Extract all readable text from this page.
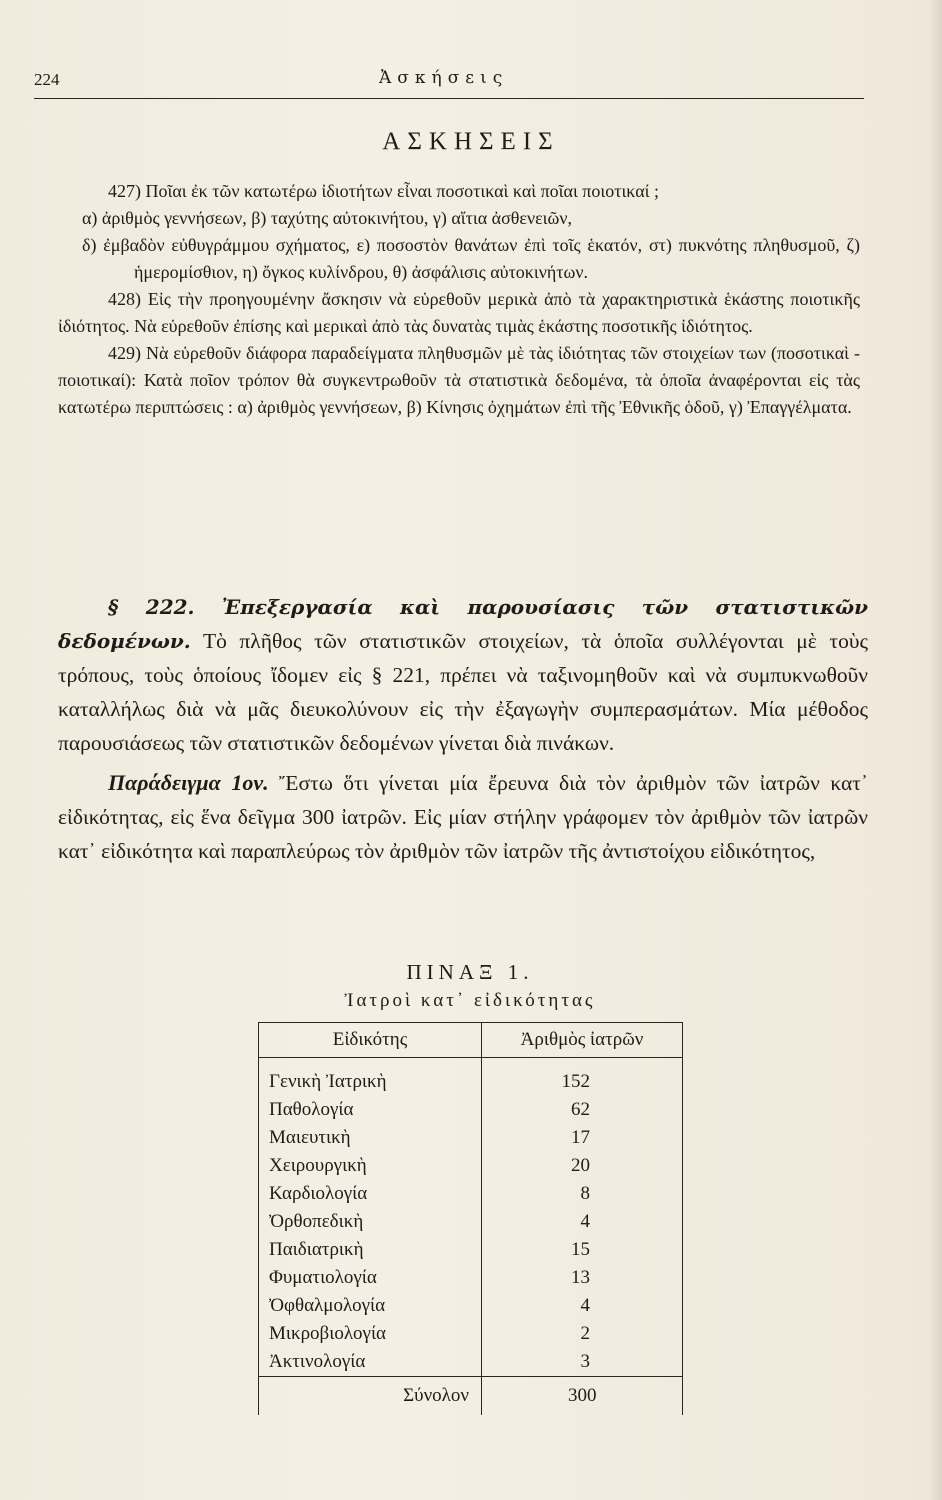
224	Ἀσκήσεις
ΑΣΚΗΣΕΙΣ

427) Ποῖαι ἐκ τῶν κατωτέρω ἰδιοτήτων εἶναι ποσοτικαὶ καὶ ποῖαι ποιοτικαί ;

α) ἀριθμὸς γεννήσεων, β) ταχύτης αὐτοκινήτου, γ) αἴτια ἀσθενειῶν,

δ) ἐμβαδὸν εὐθυγράμμου σχήματος, ε) ποσοστὸν θανάτων ἐπὶ τοῖς ἑκατόν, στ) πυκνότης πληθυσμοῦ, ζ) ἡμερομίσθιον, η) ὄγκος κυλίνδρου, θ) ἀσφάλισις αὐτοκινήτων.

428) Εἰς τὴν προηγουμένην ἄσκησιν νὰ εὑρεθοῦν μερικὰ ἀπὸ τὰ χαρακτηριστικὰ ἑκάστης ποιοτικῆς ἰδιότητος. Νὰ εὑρεθοῦν ἐπίσης καὶ μερικαὶ ἀπὸ τὰς δυνατὰς τιμὰς ἑκάστης ποσοτικῆς ἰδιότητος.

429) Νὰ εὑρεθοῦν διάφορα παραδείγματα πληθυσμῶν μὲ τὰς ἰδιότητας τῶν στοιχείων των (ποσοτικαὶ - ποιοτικαί): Κατὰ ποῖον τρόπον θὰ συγκεντρωθοῦν τὰ στατιστικὰ δεδομένα, τὰ ὁποῖα ἀναφέρονται εἰς τὰς κατωτέρω περιπτώσεις : α) ἀριθμὸς γεννήσεων, β) Κίνησις ὀχημάτων ἐπὶ τῆς Ἐθνικῆς ὁδοῦ, γ) Ἐπαγγέλματα.

§ 222. Ἐπεξεργασία καὶ παρουσίασις τῶν στατιστικῶν δεδομένων. Τὸ πλῆθος τῶν στατιστικῶν στοιχείων, τὰ ὁποῖα συλλέγονται μὲ τοὺς τρόπους, τοὺς ὁποίους ἴδομεν εἰς § 221, πρέπει νὰ ταξινομηθοῦν καὶ νὰ συμπυκνωθοῦν καταλλήλως διὰ νὰ μᾶς διευκολύνουν εἰς τὴν ἐξαγωγὴν συμπερασμάτων. Μία μέθοδος παρουσιάσεως τῶν στατιστικῶν δεδομένων γίνεται διὰ πινάκων.

Παράδειγμα 1ον. Ἔστω ὅτι γίνεται μία ἔρευνα διὰ τὸν ἀριθμὸν τῶν ἰατρῶν κατ᾿ εἰδικότητας, εἰς ἕνα δεῖγμα 300 ἰατρῶν. Εἰς μίαν στήλην γράφομεν τὸν ἀριθμὸν τῶν ἰατρῶν κατ᾿ εἰδικότητα καὶ παραπλεύρως τὸν ἀριθμὸν τῶν ἰατρῶν τῆς ἀντιστοίχου εἰδικότητος,

ΠΙΝΑΞ 1.
Ἰατροὶ κατ᾿ εἰδικότητας
Εἰδικότης	Ἀριθμὸς ἰατρῶν
Γενικὴ Ἰατρικὴ	152
Παθολογία	62
Μαιευτικὴ	17
Χειρουργικὴ	20
Καρδιολογία	8
Ὀρθοπεδικὴ	4
Παιδιατρικὴ	15
Φυματιολογία	13
Ὀφθαλμολογία	4
Μικροβιολογία	2
Ἀκτινολογία	3
Σύνολον	300
